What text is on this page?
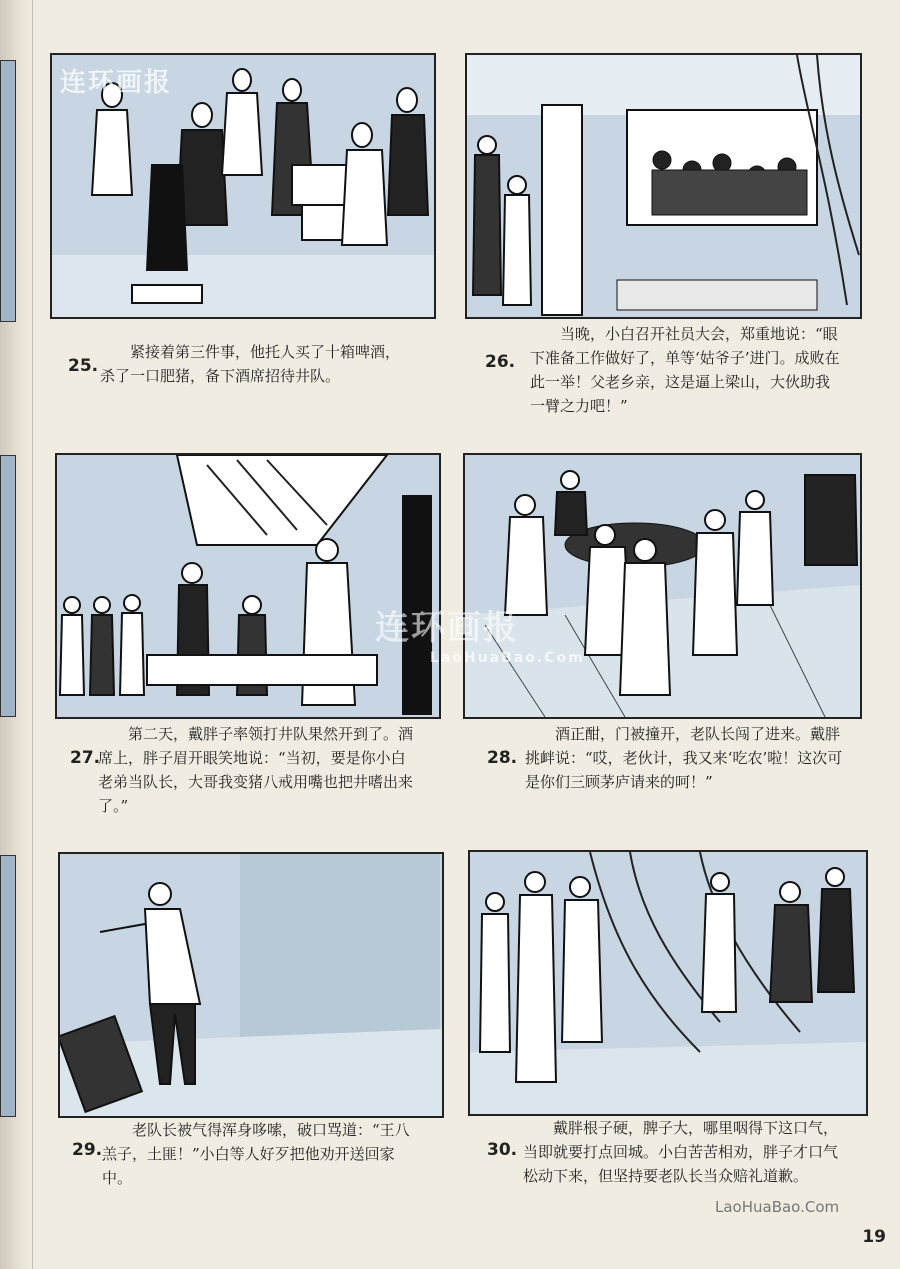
25.
紧接着第三件事，他托人买了十箱啤酒，杀了一口肥猪，备下酒席招待井队。
26.
当晚，小白召开社员大会，郑重地说：“眼下准备工作做好了，单等‘姑爷子’进门。成败在此一举！父老乡亲，这是逼上梁山，大伙助我一臂之力吧！”
27.
第二天，戴胖子率领打井队果然开到了。酒席上，胖子眉开眼笑地说：“当初，要是你小白老弟当队长，大哥我变猪八戒用嘴也把井嗜出来了。”
28.
酒正酣，门被撞开，老队长闯了进来。戴胖挑衅说：“哎，老伙计，我又来‘吃农’啦！这次可是你们三顾茅庐请来的呵！”
29.
老队长被气得浑身哆嗦，破口骂道：“王八羔子，土匪！”小白等人好歹把他劝开送回家中。
30.
戴胖根子硬，脾子大，哪里咽得下这口气，当即就要打点回城。小白苦苦相劝，胖子才口气松动下来，但坚持要老队长当众赔礼道歉。
连环画报
连环画报
LaoHuaBao.Com
LaoHuaBao.Com
19
